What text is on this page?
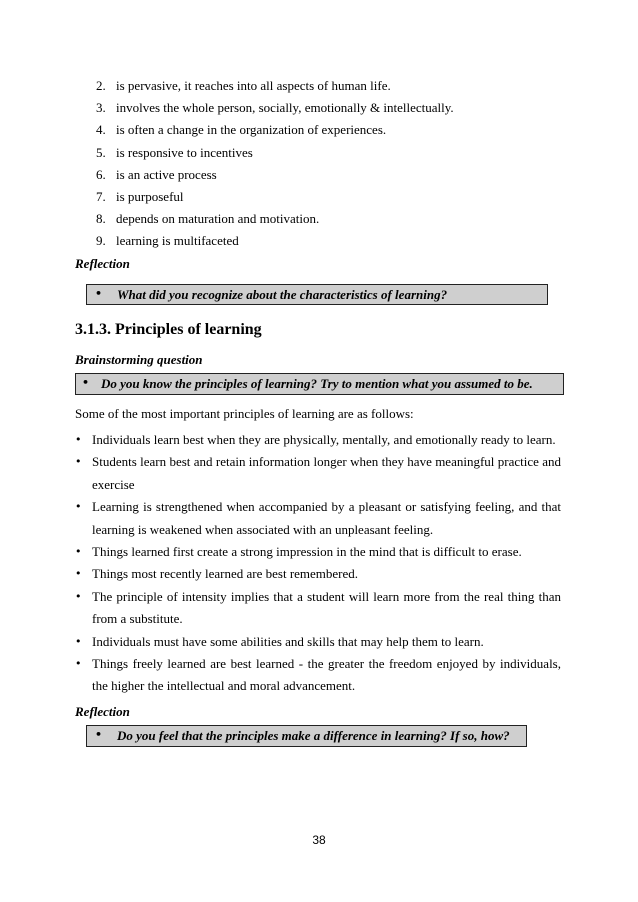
2. is pervasive, it reaches into all aspects of human life.
3. involves the whole person, socially, emotionally & intellectually.
4. is often a change in the organization of experiences.
5. is responsive to incentives
6. is an active process
7. is purposeful
8. depends on maturation and motivation.
9. learning is multifaceted
Reflection
• What did you recognize about the characteristics of learning?
3.1.3. Principles of learning
Brainstorming question
• Do you know the principles of learning? Try to mention what you assumed to be.
Some of the most important principles of learning are as follows:
• Individuals learn best when they are physically, mentally, and emotionally ready to learn.
• Students learn best and retain information longer when they have meaningful practice and exercise
• Learning is strengthened when accompanied by a pleasant or satisfying feeling, and that learning is weakened when associated with an unpleasant feeling.
• Things learned first create a strong impression in the mind that is difficult to erase.
• Things most recently learned are best remembered.
• The principle of intensity implies that a student will learn more from the real thing than from a substitute.
• Individuals must have some abilities and skills that may help them to learn.
• Things freely learned are best learned - the greater the freedom enjoyed by individuals, the higher the intellectual and moral advancement.
Reflection
• Do you feel that the principles make a difference in learning? If so, how?
38
